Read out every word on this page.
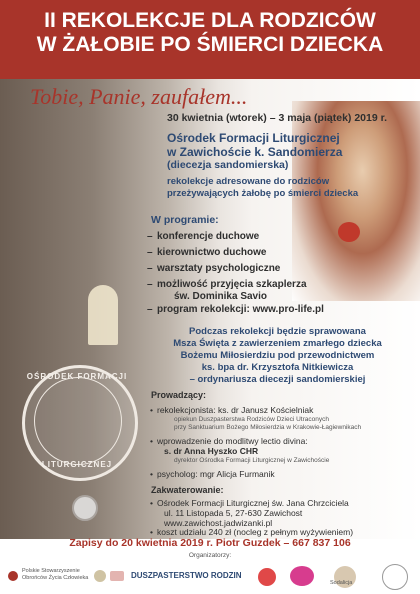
II REKOLEKCJE DLA RODZICÓW
W ŻAŁOBIE PO ŚMIERCI DZIECKA
OŚRODEK FORMACJI
LITURGICZNEJ
Tobie, Panie, zaufałem...
30 kwietnia (wtorek) – 3 maja (piątek) 2019 r.
Ośrodek Formacji Liturgicznej
w Zawichoście k. Sandomierza
(diecezja sandomierska)
rekolekcje adresowane do rodziców
przeżywających żałobę po śmierci dziecka
W programie:
– konferencje duchowe
– kierownictwo duchowe
– warsztaty psychologiczne
– możliwość przyjęcia szkaplerza
św. Dominika Savio
– program rekolekcji: www.pro-life.pl
Podczas rekolekcji będzie sprawowana
Msza Święta z zawierzeniem zmarłego dziecka
Bożemu Miłosierdziu pod przewodnictwem
ks. bpa dr. Krzysztofa Nitkiewicza
– ordynariusza diecezji sandomierskiej
Prowadzący:
• rekolekcjonista: ks. dr Janusz Kościelniak
opiekun Duszpasterstwa Rodziców Dzieci Utraconych
przy Sanktuarium Bożego Miłosierdzia w Krakowie-Łagiewnikach
• wprowadzenie do modlitwy lectio divina:
s. dr Anna Hyszko CHR
dyrektor Ośrodka Formacji Liturgicznej w Zawichoście
• psycholog: mgr Alicja Furmanik
Zakwaterowanie:
• Ośrodek Formacji Liturgicznej św. Jana Chrzciciela
ul. 11 Listopada 5, 27-630 Zawichost
www.zawichost.jadwizanki.pl
• koszt udziału 240 zł (nocleg z pełnym wyżywieniem)
Zapisy do 20 kwietnia 2019 r. Piotr Guzdek – 667 837 106
Organizatorzy:
Polskie Stowarzyszenie
Obrońców Życia Człowieka	DUSZPASTERSTWO RODZIN
Sodalicja
